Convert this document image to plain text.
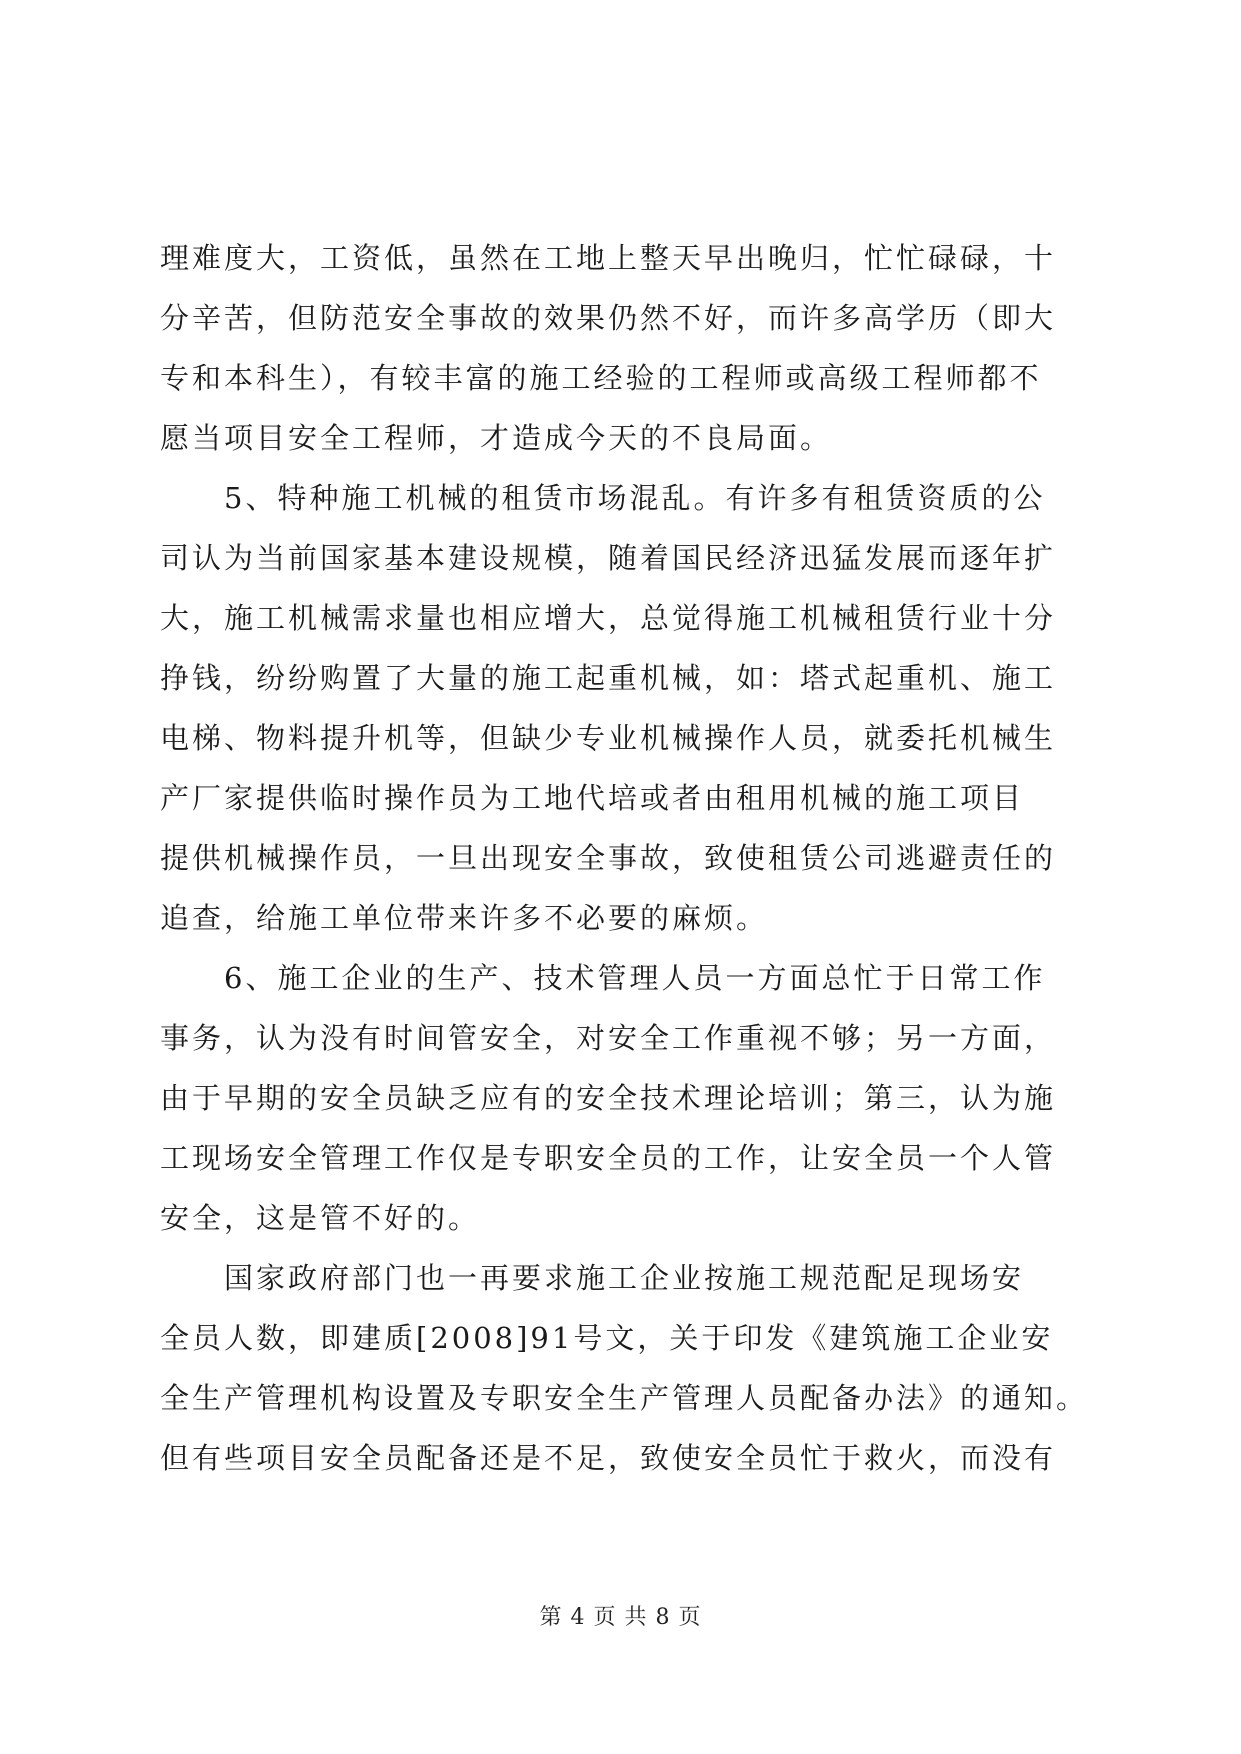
理难度大，工资低，虽然在工地上整天早出晚归，忙忙碌碌，十
分辛苦，但防范安全事故的效果仍然不好，而许多高学历（即大
专和本科生），有较丰富的施工经验的工程师或高级工程师都不
愿当项目安全工程师，才造成今天的不良局面。
　　5、特种施工机械的租赁市场混乱。有许多有租赁资质的公
司认为当前国家基本建设规模，随着国民经济迅猛发展而逐年扩
大，施工机械需求量也相应增大，总觉得施工机械租赁行业十分
挣钱，纷纷购置了大量的施工起重机械，如：塔式起重机、施工
电梯、物料提升机等，但缺少专业机械操作人员，就委托机械生
产厂家提供临时操作员为工地代培或者由租用机械的施工项目
提供机械操作员，一旦出现安全事故，致使租赁公司逃避责任的
追查，给施工单位带来许多不必要的麻烦。
　　6、施工企业的生产、技术管理人员一方面总忙于日常工作
事务，认为没有时间管安全，对安全工作重视不够；另一方面，
由于早期的安全员缺乏应有的安全技术理论培训；第三，认为施
工现场安全管理工作仅是专职安全员的工作，让安全员一个人管
安全，这是管不好的。
　　国家政府部门也一再要求施工企业按施工规范配足现场安
全员人数，即建质[2008]91号文，关于印发《建筑施工企业安
全生产管理机构设置及专职安全生产管理人员配备办法》的通知。
但有些项目安全员配备还是不足，致使安全员忙于救火，而没有
第 4 页 共 8 页
